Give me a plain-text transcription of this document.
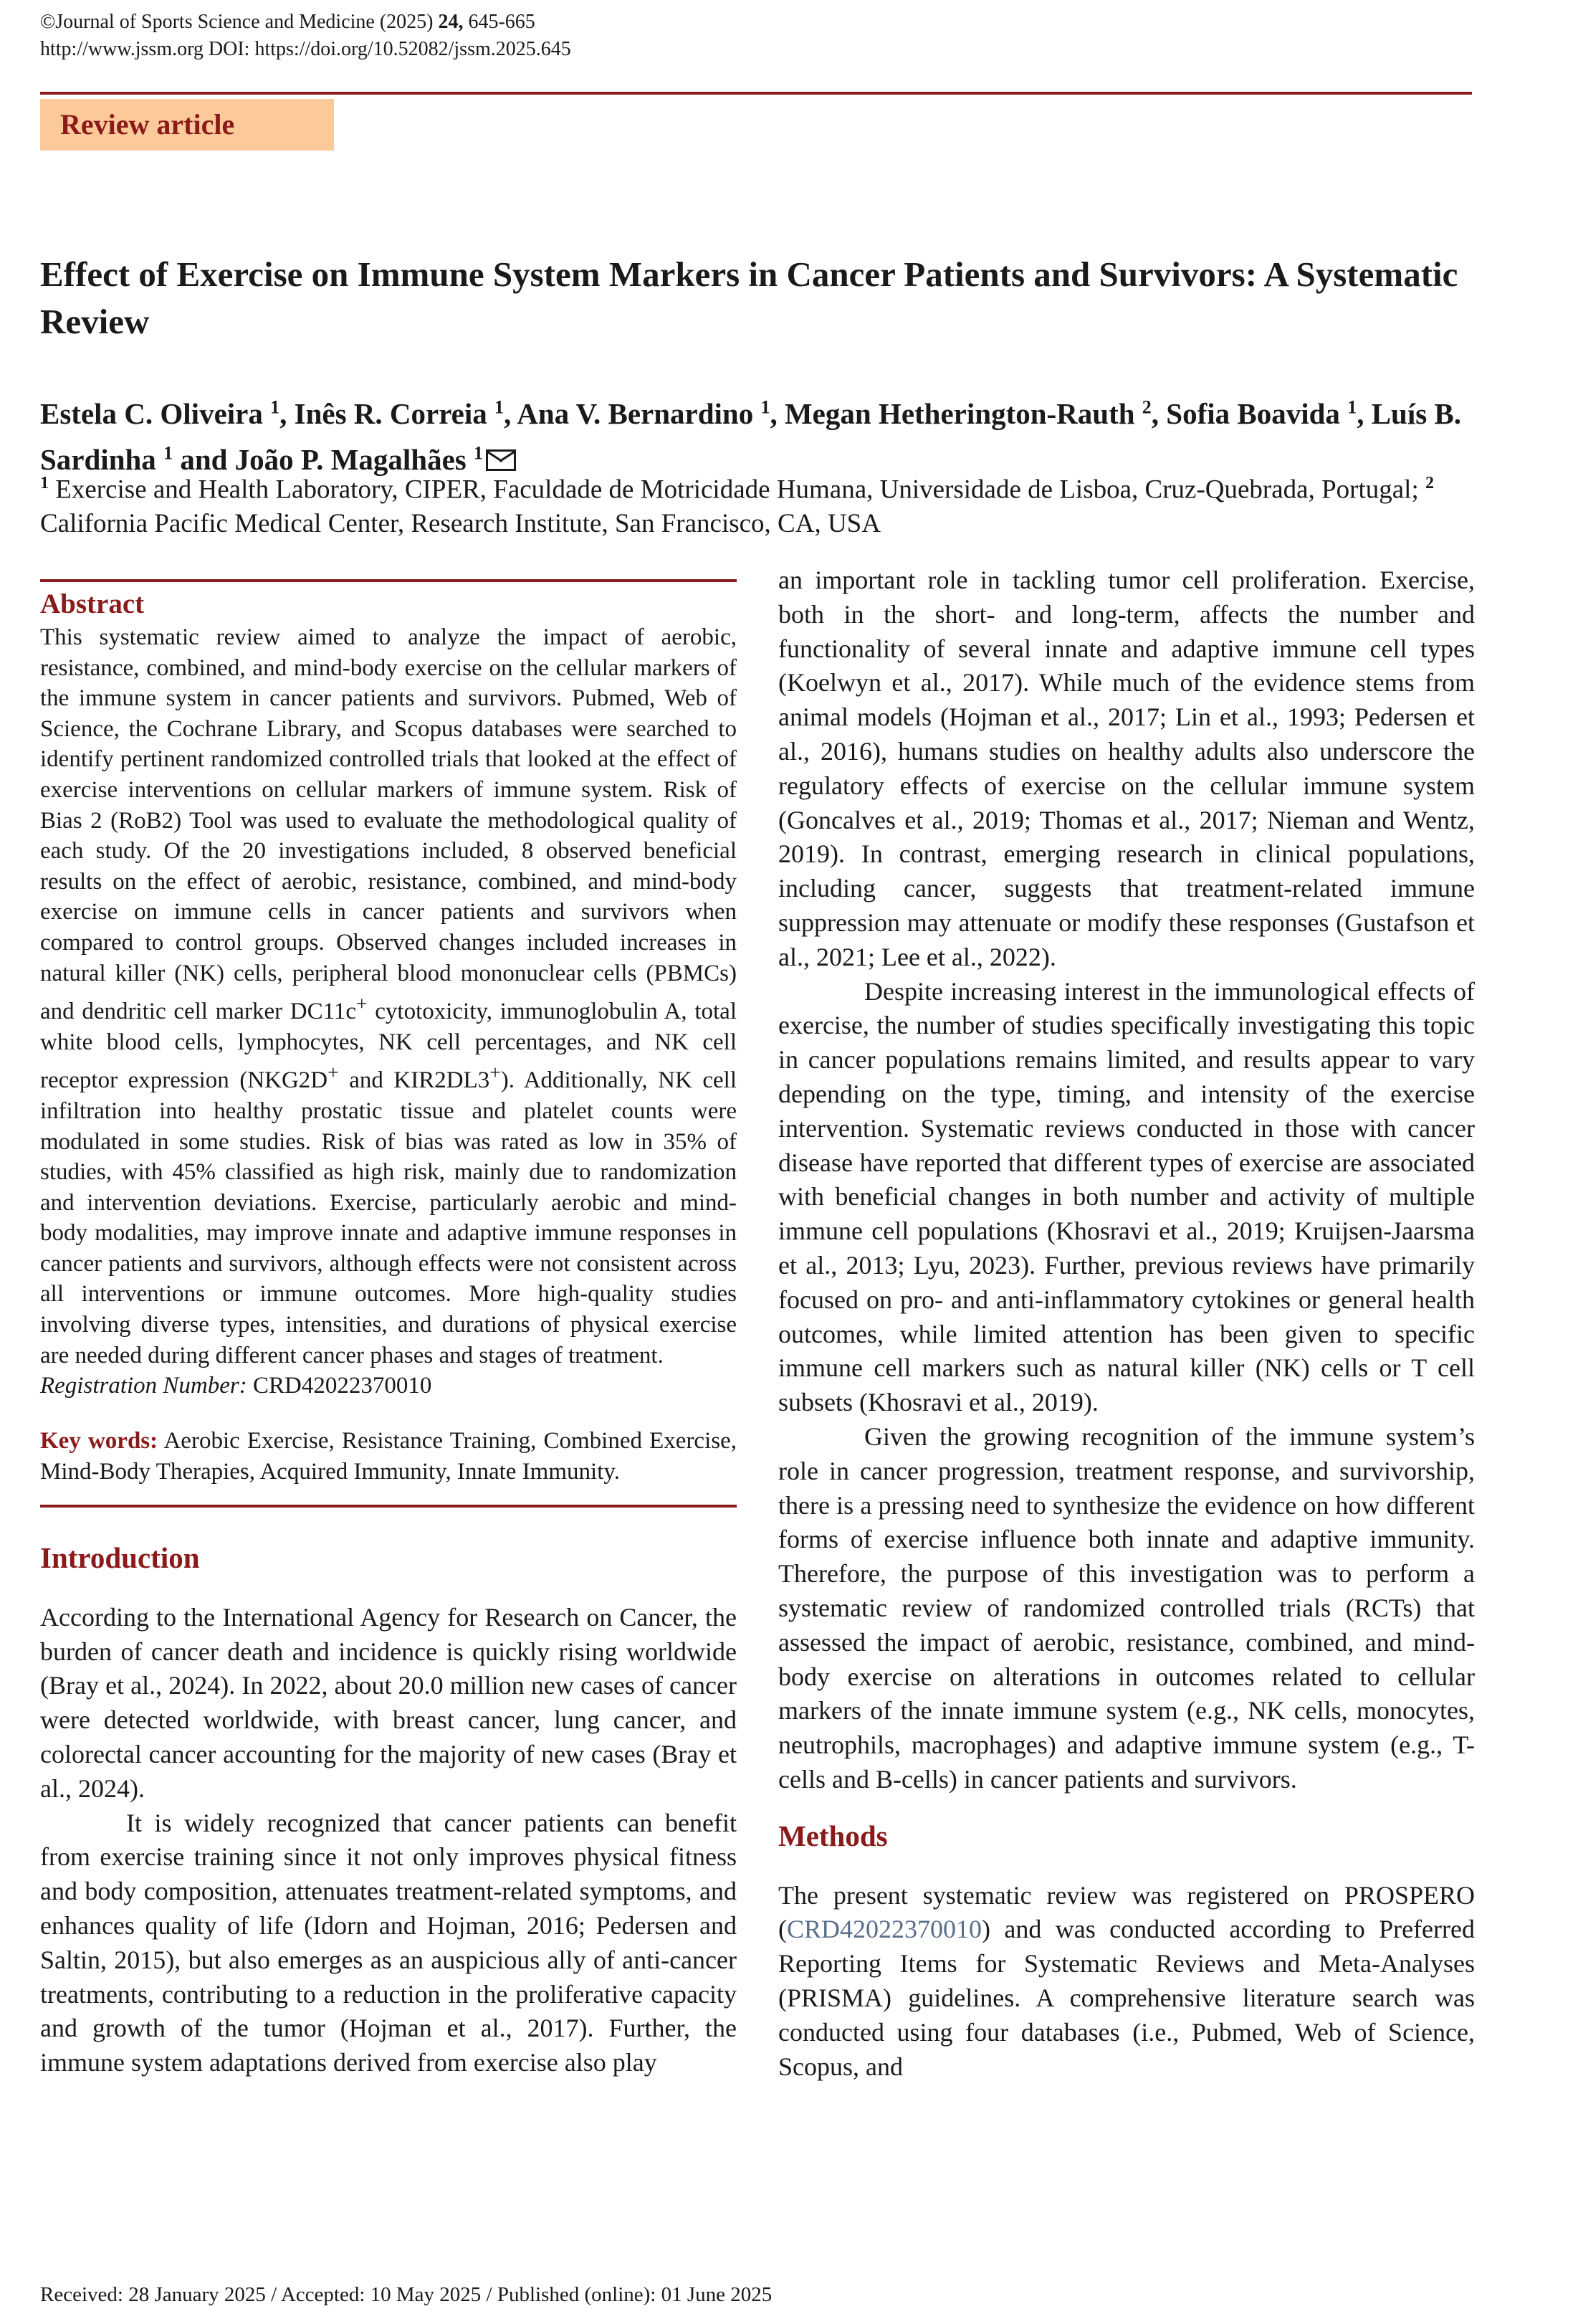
©Journal of Sports Science and Medicine (2025) 24, 645-665
http://www.jssm.org DOI: https://doi.org/10.52082/jssm.2025.645
Review article
Effect of Exercise on Immune System Markers in Cancer Patients and Survivors: A Systematic Review

Estela C. Oliveira $^1$, Inês R. Correia $^1$, Ana V. Bernardino $^1$, Megan Hetherington-Rauth $^2$, Sofia Boavida $^1$, Luís B. Sardinha $^1$ and João P. Magalhães $^1$

$^1$ Exercise and Health Laboratory, CIPER, Faculdade de Motricidade Humana, Universidade de Lisboa, Cruz-Quebrada, Portugal; $^2$ California Pacific Medical Center, Research Institute, San Francisco, CA, USA

Abstract

This systematic review aimed to analyze the impact of aerobic, resistance, combined, and mind-body exercise on the cellular markers of the immune system in cancer patients and survivors. Pubmed, Web of Science, the Cochrane Library, and Scopus databases were searched to identify pertinent randomized controlled trials that looked at the effect of exercise interventions on cellular markers of immune system. Risk of Bias 2 (RoB2) Tool was used to evaluate the methodological quality of each study. Of the 20 investigations included, 8 observed beneficial results on the effect of aerobic, resistance, combined, and mind-body exercise on immune cells in cancer patients and survivors when compared to control groups. Observed changes included increases in natural killer (NK) cells, peripheral blood mononuclear cells (PBMCs) and dendritic cell marker DC11c+ cytotoxicity, immunoglobulin A, total white blood cells, lymphocytes, NK cell percentages, and NK cell receptor expression (NKG2D+ and KIR2DL3+). Additionally, NK cell infiltration into healthy prostatic tissue and platelet counts were modulated in some studies. Risk of bias was rated as low in 35% of studies, with 45% classified as high risk, mainly due to randomization and intervention deviations. Exercise, particularly aerobic and mind-body modalities, may improve innate and adaptive immune responses in cancer patients and survivors, although effects were not consistent across all interventions or immune outcomes. More high-quality studies involving diverse types, intensities, and durations of physical exercise are needed during different cancer phases and stages of treatment.
Registration Number: CRD42022370010

Key words: Aerobic Exercise, Resistance Training, Combined Exercise, Mind-Body Therapies, Acquired Immunity, Innate Immunity.

Introduction

According to the International Agency for Research on Cancer, the burden of cancer death and incidence is quickly rising worldwide (Bray et al., 2024). In 2022, about 20.0 million new cases of cancer were detected worldwide, with breast cancer, lung cancer, and colorectal cancer accounting for the majority of new cases (Bray et al., 2024).

It is widely recognized that cancer patients can benefit from exercise training since it not only improves physical fitness and body composition, attenuates treatment-related symptoms, and enhances quality of life (Idorn and Hojman, 2016; Pedersen and Saltin, 2015), but also emerges as an auspicious ally of anti-cancer treatments, contributing to a reduction in the proliferative capacity and growth of the tumor (Hojman et al., 2017). Further, the immune system adaptations derived from exercise also play

an important role in tackling tumor cell proliferation. Exercise, both in the short- and long-term, affects the number and functionality of several innate and adaptive immune cell types (Koelwyn et al., 2017). While much of the evidence stems from animal models (Hojman et al., 2017; Lin et al., 1993; Pedersen et al., 2016), humans studies on healthy adults also underscore the regulatory effects of exercise on the cellular immune system (Goncalves et al., 2019; Thomas et al., 2017; Nieman and Wentz, 2019). In contrast, emerging research in clinical populations, including cancer, suggests that treatment-related immune suppression may attenuate or modify these responses (Gustafson et al., 2021; Lee et al., 2022).

Despite increasing interest in the immunological effects of exercise, the number of studies specifically investigating this topic in cancer populations remains limited, and results appear to vary depending on the type, timing, and intensity of the exercise intervention. Systematic reviews conducted in those with cancer disease have reported that different types of exercise are associated with beneficial changes in both number and activity of multiple immune cell populations (Khosravi et al., 2019; Kruijsen-Jaarsma et al., 2013; Lyu, 2023). Further, previous reviews have primarily focused on pro- and anti-inflammatory cytokines or general health outcomes, while limited attention has been given to specific immune cell markers such as natural killer (NK) cells or T cell subsets (Khosravi et al., 2019).

Given the growing recognition of the immune system’s role in cancer progression, treatment response, and survivorship, there is a pressing need to synthesize the evidence on how different forms of exercise influence both innate and adaptive immunity. Therefore, the purpose of this investigation was to perform a systematic review of randomized controlled trials (RCTs) that assessed the impact of aerobic, resistance, combined, and mind-body exercise on alterations in outcomes related to cellular markers of the innate immune system (e.g., NK cells, monocytes, neutrophils, macrophages) and adaptive immune system (e.g., T-cells and B-cells) in cancer patients and survivors.

Methods

The present systematic review was registered on PROSPERO (CRD42022370010) and was conducted according to Preferred Reporting Items for Systematic Reviews and Meta-Analyses (PRISMA) guidelines. A comprehensive literature search was conducted using four databases (i.e., Pubmed, Web of Science, Scopus, and

Received: 28 January 2025 / Accepted: 10 May 2025 / Published (online): 01 June 2025
